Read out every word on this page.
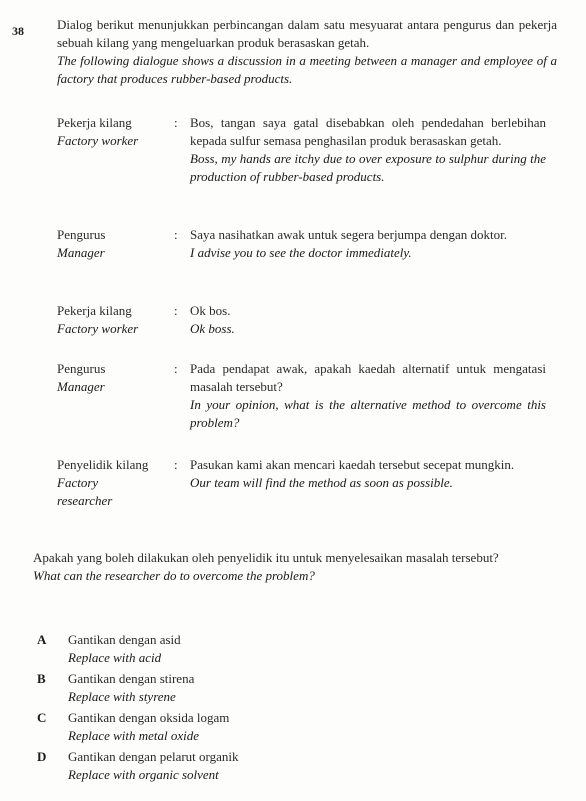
38	Dialog berikut menunjukkan perbincangan dalam satu mesyuarat antara pengurus dan pekerja sebuah kilang yang mengeluarkan produk berasaskan getah.
The following dialogue shows a discussion in a meeting between a manager and employee of a factory that produces rubber-based products.
Pekerja kilang
Factory worker
: Bos, tangan saya gatal disebabkan oleh pendedahan berlebihan kepada sulfur semasa penghasilan produk berasaskan getah.
Boss, my hands are itchy due to over exposure to sulphur during the production of rubber-based products.
Pengurus
Manager
: Saya nasihatkan awak untuk segera berjumpa dengan doktor.
I advise you to see the doctor immediately.
Pekerja kilang
Factory worker
: Ok bos.
Ok boss.
Pengurus
Manager
: Pada pendapat awak, apakah kaedah alternatif untuk mengatasi masalah tersebut?
In your opinion, what is the alternative method to overcome this problem?
Penyelidik kilang
Factory researcher
: Pasukan kami akan mencari kaedah tersebut secepat mungkin.
Our team will find the method as soon as possible.
Apakah yang boleh dilakukan oleh penyelidik itu untuk menyelesaikan masalah tersebut?
What can the researcher do to overcome the problem?
A Gantikan dengan asid
Replace with acid
B Gantikan dengan stirena
Replace with styrene
C Gantikan dengan oksida logam
Replace with metal oxide
D Gantikan dengan pelarut organik
Replace with organic solvent
